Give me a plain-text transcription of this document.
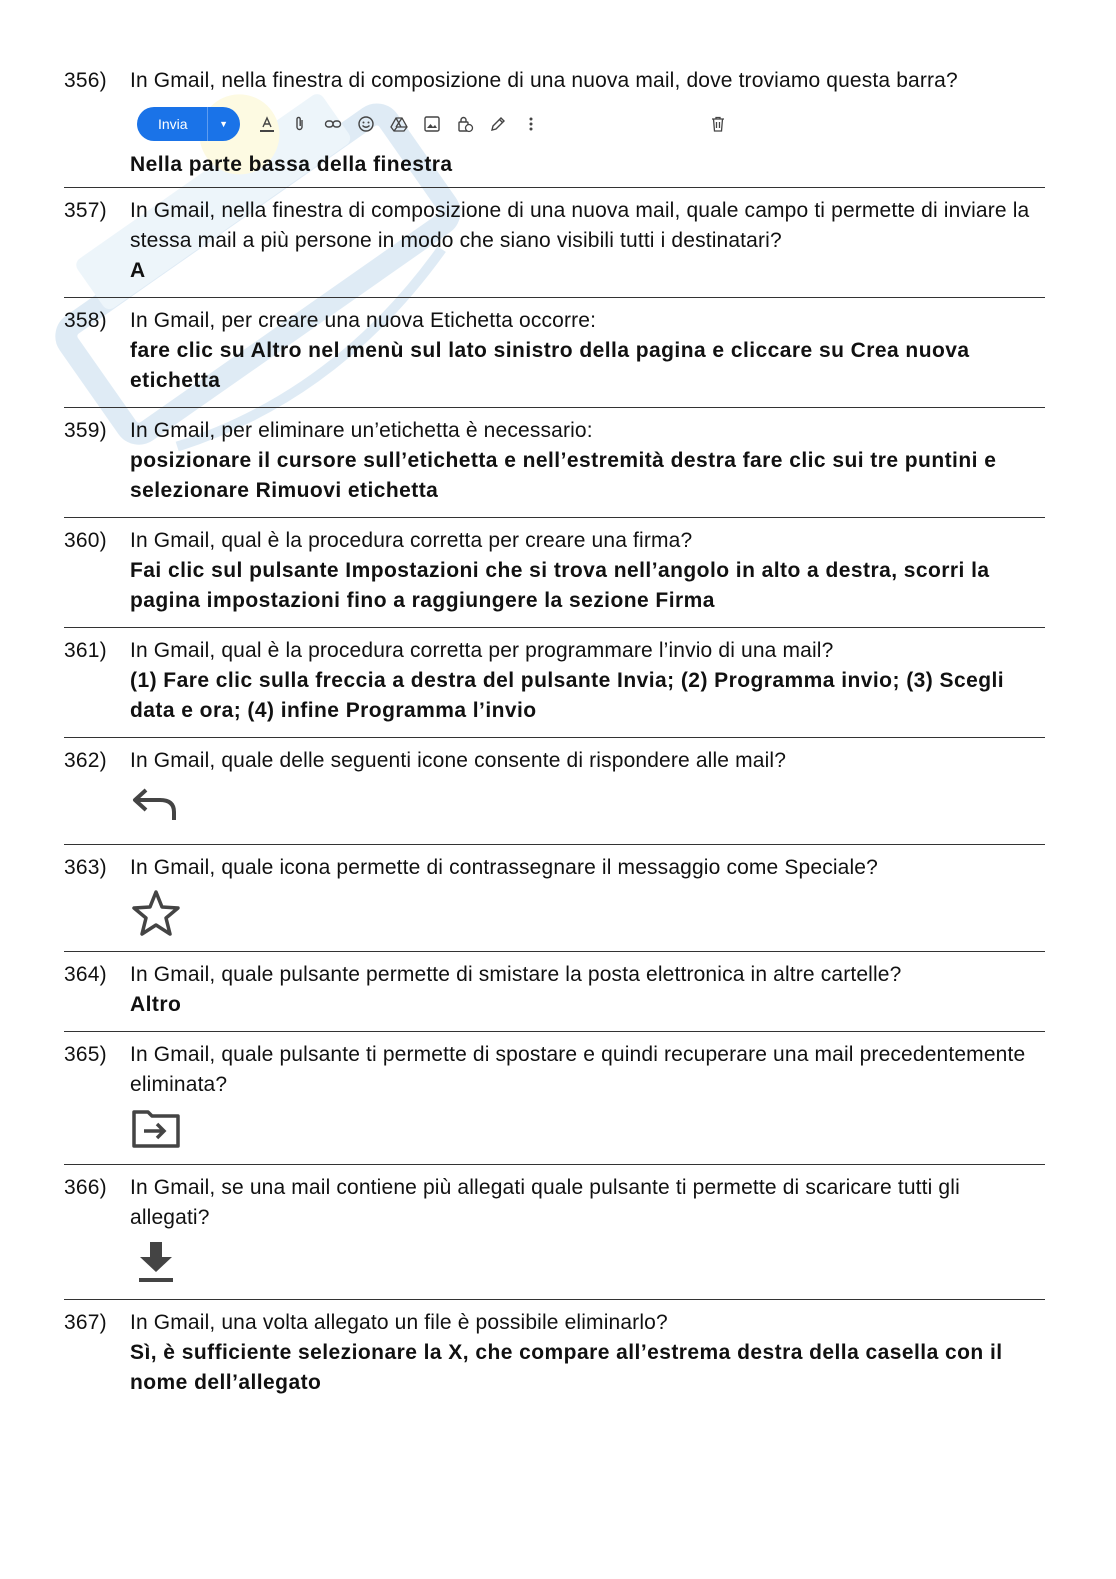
356)	In Gmail, nella finestra di composizione di una nuova mail, dove troviamo questa barra?
Invia	▼
Nella parte bassa della finestra
357)	In Gmail, nella finestra di composizione di una nuova mail, quale campo ti permette di inviare la stessa mail a più persone in modo che siano visibili tutti i destinatari?
A
358)	In Gmail, per creare una nuova Etichetta occorre:
fare clic su Altro nel menù sul lato sinistro della pagina e cliccare su Crea nuova etichetta
359)	In Gmail, per eliminare un’etichetta è necessario:
posizionare il cursore sull’etichetta e nell’estremità destra fare clic sui tre puntini e selezionare Rimuovi etichetta
360)	In Gmail, qual è la procedura corretta per creare una firma?
Fai clic sul pulsante Impostazioni che si trova nell’angolo in alto a destra, scorri la pagina impostazioni fino a raggiungere la sezione Firma
361)	In Gmail, qual è la procedura corretta per programmare l’invio di una mail?
(1) Fare clic sulla freccia a destra del pulsante Invia; (2) Programma invio; (3) Scegli data e ora; (4) infine Programma l’invio
362)	In Gmail, quale delle seguenti icone consente di rispondere alle mail?
363)	In Gmail, quale icona permette di contrassegnare il messaggio come Speciale?
364)	In Gmail, quale pulsante permette di smistare la posta elettronica in altre cartelle?
Altro
365)	In Gmail, quale pulsante ti permette di spostare e quindi recuperare una mail precedentemente eliminata?
366)	In Gmail, se una mail contiene più allegati quale pulsante ti permette di scaricare tutti gli allegati?
367)	In Gmail, una volta allegato un file è possibile eliminarlo?
Sì, è sufficiente selezionare la X, che compare all’estrema destra della casella con il nome dell’allegato
